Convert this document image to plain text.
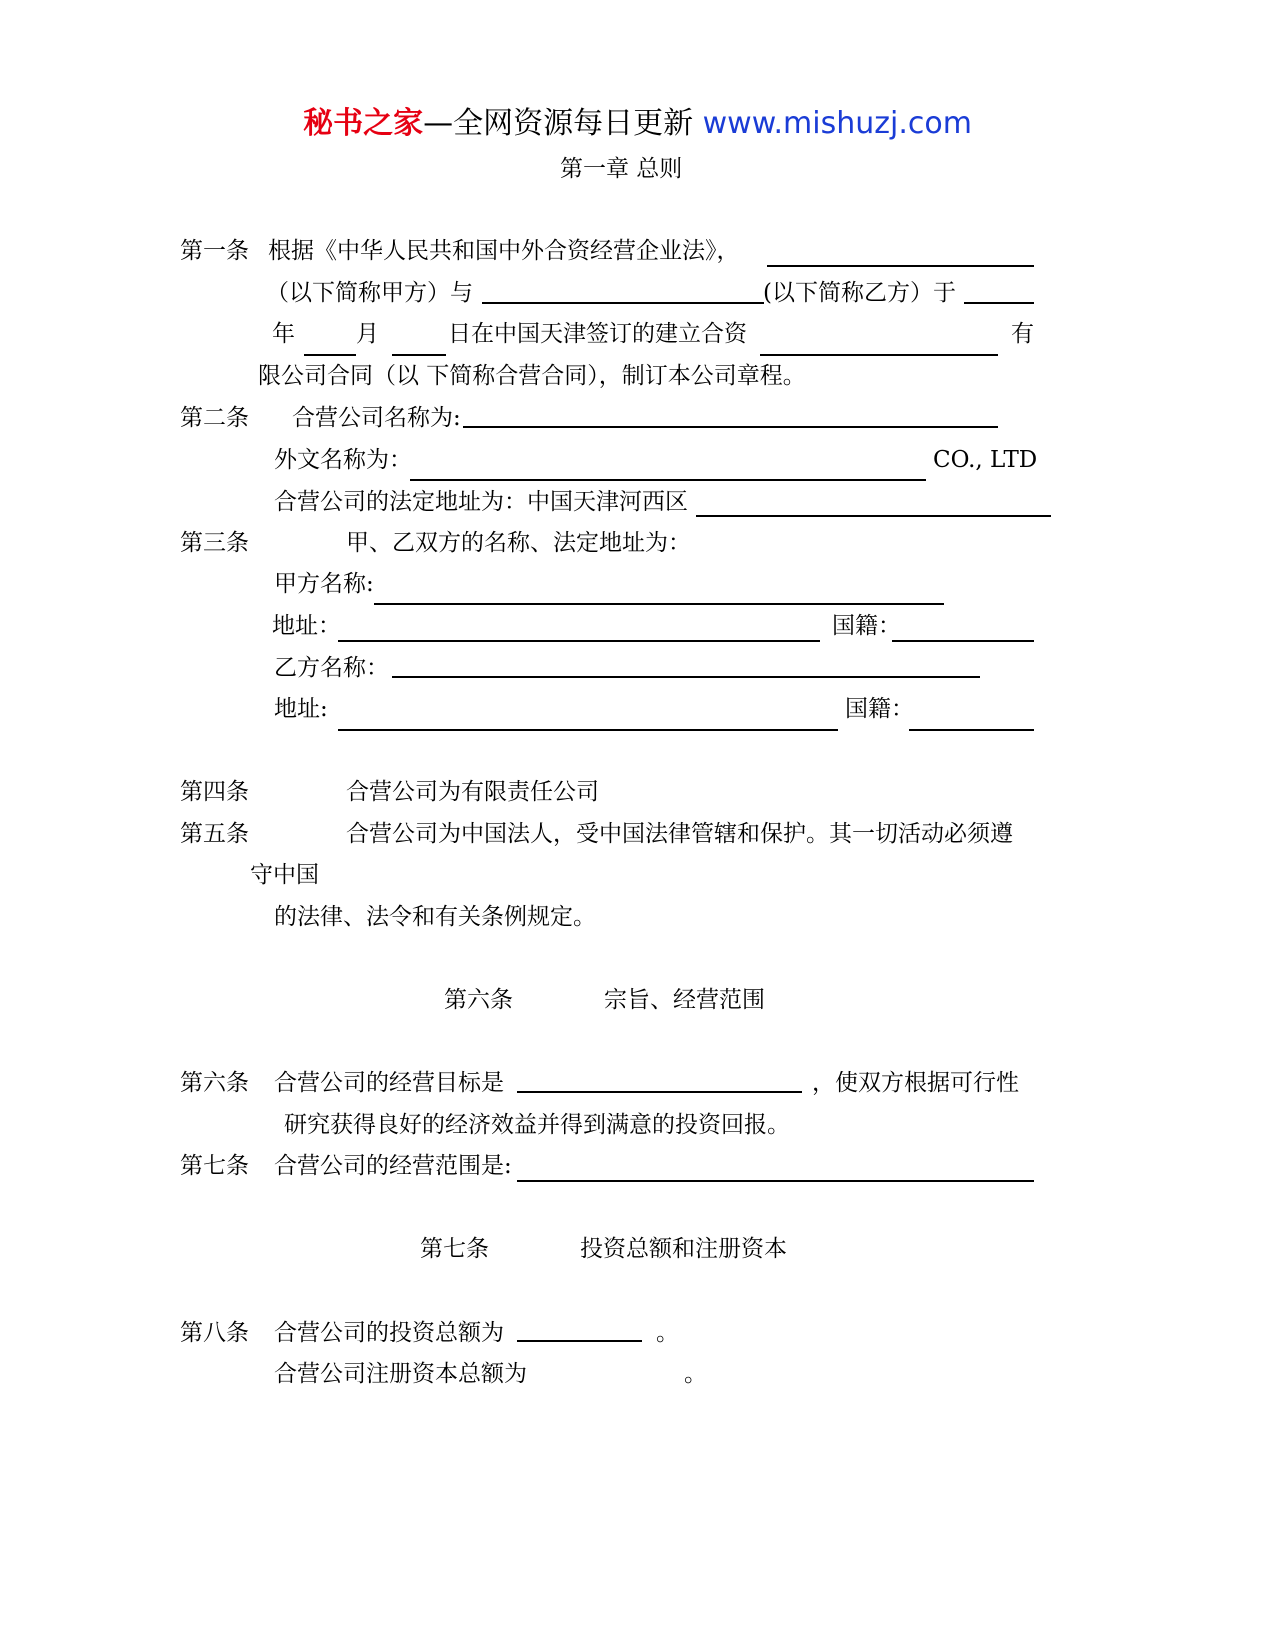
秘书之家—全网资源每日更新 www.mishuzj.com
第一章 总则
第一条 根据《中华人民共和国中外合资经营企业法》，
（以下简称甲方）与	(以下简称乙方）于
年	月	日在中国天津签订的建立合资	有
限公司合同（以 下简称合营合同），制订本公司章程。
第二条 合营公司名称为:
外文名称为：	CO., LTD
合营公司的法定地址为：中国天津河西区
第三条	甲、乙双方的名称、法定地址为：
甲方名称:
地址：	国籍：
乙方名称：
地址:	国籍：
第四条	合营公司为有限责任公司
第五条	合营公司为中国法人，受中国法律管辖和保护。其一切活动必须遵
守中国
的法律、法令和有关条例规定。
第六条	宗旨、经营范围
第六条 合营公司的经营目标是	，使双方根据可行性
研究获得良好的经济效益并得到满意的投资回报。
第七条 合营公司的经营范围是:
第七条	投资总额和注册资本
第八条 合营公司的投资总额为	。
合营公司注册资本总额为	。
